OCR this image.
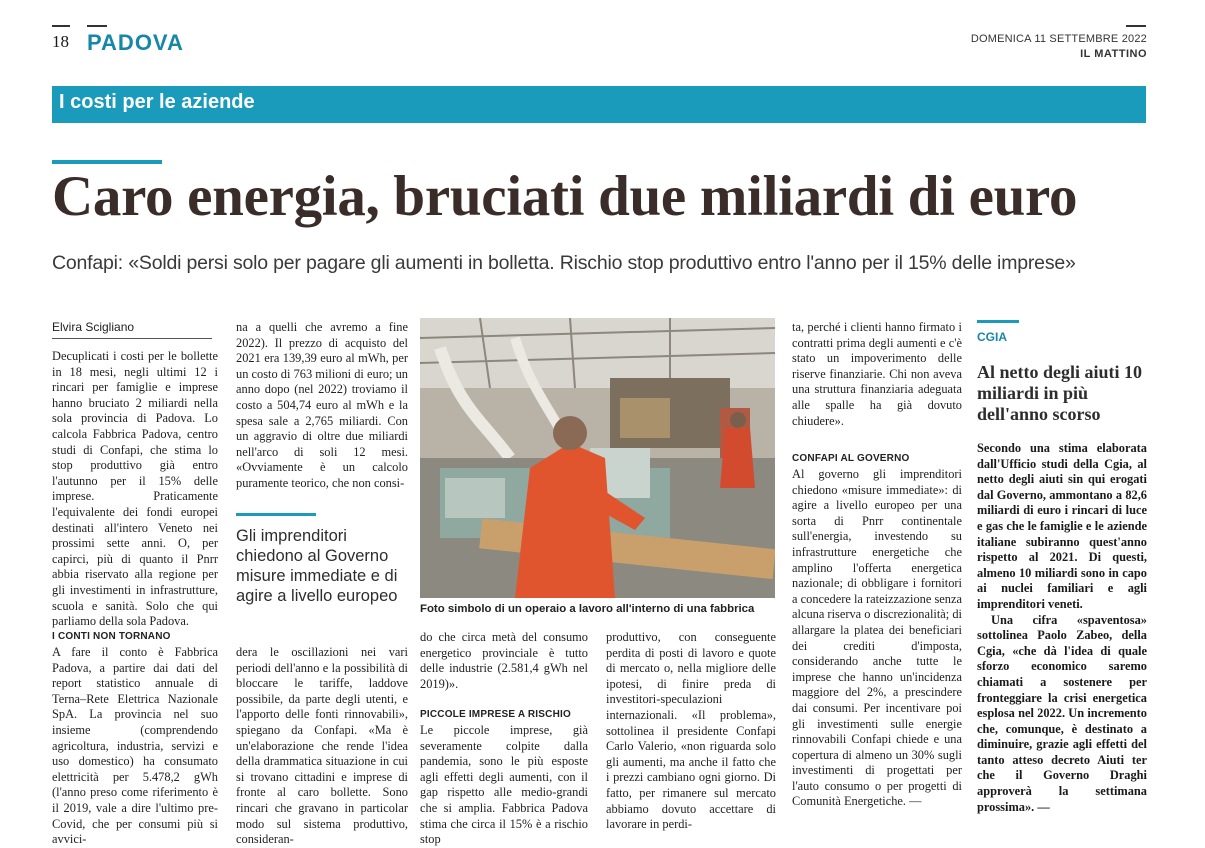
18 PADOVA	DOMENICA 11 SETTEMBRE 2022
IL MATTINO
I costi per le aziende
Caro energia, bruciati due miliardi di euro
Confapi: «Soldi persi solo per pagare gli aumenti in bolletta. Rischio stop produttivo entro l'anno per il 15% delle imprese»
Elvira Scigliano

Decuplicati i costi per le bollette in 18 mesi, negli ultimi 12 i rincari per famiglie e imprese hanno bruciato 2 miliardi nella sola provincia di Padova. Lo calcola Fabbrica Padova, centro studi di Confapi, che stima lo stop produttivo già entro l'autunno per il 15% delle imprese. Praticamente l'equivalente dei fondi europei destinati all'intero Veneto nei prossimi sette anni. O, per capirci, più di quanto il Pnrr abbia riservato alla regione per gli investimenti in infrastrutture, scuola e sanità. Solo che qui parliamo della sola Padova.

I CONTI NON TORNANO

A fare il conto è Fabbrica Padova, a partire dai dati del report statistico annuale di Terna–Rete Elettrica Nazionale SpA. La provincia nel suo insieme (comprendendo agricoltura, industria, servizi e uso domestico) ha consumato elettricità per 5.478,2 gWh (l'anno preso come riferimento è il 2019, vale a dire l'ultimo pre-Covid, che per consumi più si avvici-

na a quelli che avremo a fine 2022). Il prezzo di acquisto del 2021 era 139,39 euro al mWh, per un costo di 763 milioni di euro; un anno dopo (nel 2022) troviamo il costo a 504,74 euro al mWh e la spesa sale a 2,765 miliardi. Con un aggravio di oltre due miliardi nell'arco di soli 12 mesi. «Ovviamente è un calcolo puramente teorico, che non consi-

Gli imprenditori chiedono al Governo misure immediate e di agire a livello europeo

dera le oscillazioni nei vari periodi dell'anno e la possibilità di bloccare le tariffe, laddove possibile, da parte degli utenti, e l'apporto delle fonti rinnovabili», spiegano da Confapi. «Ma è un'elaborazione che rende l'idea della drammatica situazione in cui si trovano cittadini e imprese di fronte al caro bollette. Sono rincari che gravano in particolar modo sul sistema produttivo, consideran-

Foto simbolo di un operaio a lavoro all'interno di una fabbrica

do che circa metà del consumo energetico provinciale è tutto delle industrie (2.581,4 gWh nel 2019)».

PICCOLE IMPRESE A RISCHIO

Le piccole imprese, già severamente colpite dalla pandemia, sono le più esposte agli effetti degli aumenti, con il gap rispetto alle medio-grandi che si amplia. Fabbrica Padova stima che circa il 15% è a rischio stop

produttivo, con conseguente perdita di posti di lavoro e quote di mercato o, nella migliore delle ipotesi, di finire preda di investitori-speculazioni internazionali. «Il problema», sottolinea il presidente Confapi Carlo Valerio, «non riguarda solo gli aumenti, ma anche il fatto che i prezzi cambiano ogni giorno. Di fatto, per rimanere sul mercato abbiamo dovuto accettare di lavorare in perdi-

ta, perché i clienti hanno firmato i contratti prima degli aumenti e c'è stato un impoverimento delle riserve finanziarie. Chi non aveva una struttura finanziaria adeguata alle spalle ha già dovuto chiudere».

CONFAPI AL GOVERNO

Al governo gli imprenditori chiedono «misure immediate»: di agire a livello europeo per una sorta di Pnrr continentale sull'energia, investendo su infrastrutture energetiche che amplino l'offerta energetica nazionale; di obbligare i fornitori a concedere la rateizzazione senza alcuna riserva o discrezionalità; di allargare la platea dei beneficiari dei crediti d'imposta, considerando anche tutte le imprese che hanno un'incidenza maggiore del 2%, a prescindere dai consumi. Per incentivare poi gli investimenti sulle energie rinnovabili Confapi chiede e una copertura di almeno un 30% sugli investimenti di progettati per l'auto consumo o per progetti di Comunità Energetiche. —

CGIA
Al netto degli aiuti 10 miliardi in più dell'anno scorso

Secondo una stima elaborata dall'Ufficio studi della Cgia, al netto degli aiuti sin qui erogati dal Governo, ammontano a 82,6 miliardi di euro i rincari di luce e gas che le famiglie e le aziende italiane subiranno quest'anno rispetto al 2021. Di questi, almeno 10 miliardi sono in capo ai nuclei familiari e agli imprenditori veneti.

Una cifra «spaventosa» sottolinea Paolo Zabeo, della Cgia, «che dà l'idea di quale sforzo economico saremo chiamati a sostenere per fronteggiare la crisi energetica esplosa nel 2022. Un incremento che, comunque, è destinato a diminuire, grazie agli effetti del tanto atteso decreto Aiuti ter che il Governo Draghi approverà la settimana prossima». —
